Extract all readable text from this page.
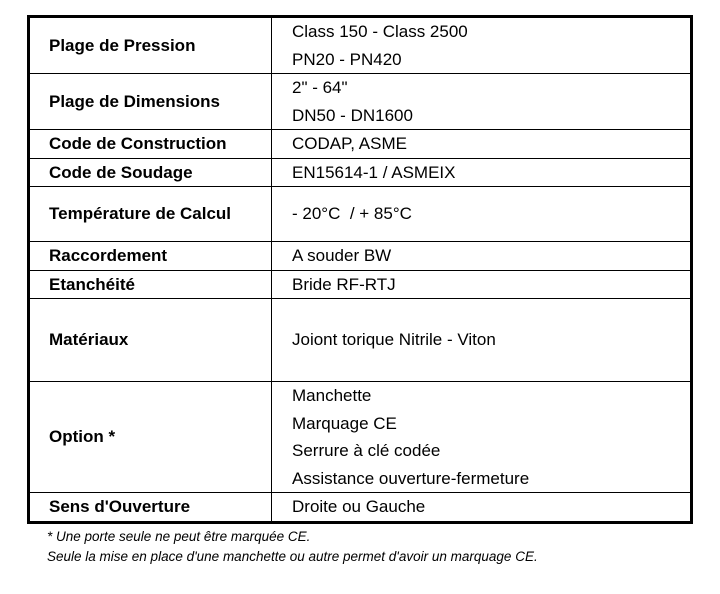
Plage de Pression	Class 150 - Class 2500
PN20 - PN420

Plage de Dimensions	2" - 64"
DN50 - DN1600

Code de Construction	CODAP, ASME

Code de Soudage	EN15614-1 / ASMEIX

Température de Calcul	- 20°C  / + 85°C

Raccordement	A souder BW

Etanchéité	Bride RF-RTJ

Matériaux	Joiont torique Nitrile - Viton

Option *	Manchette
Marquage CE
Serrure à clé codée
Assistance ouverture-fermeture

Sens d'Ouverture	Droite ou Gauche
* Une porte seule ne peut être marquée CE.
Seule la mise en place d'une manchette ou autre permet d'avoir un marquage CE.
